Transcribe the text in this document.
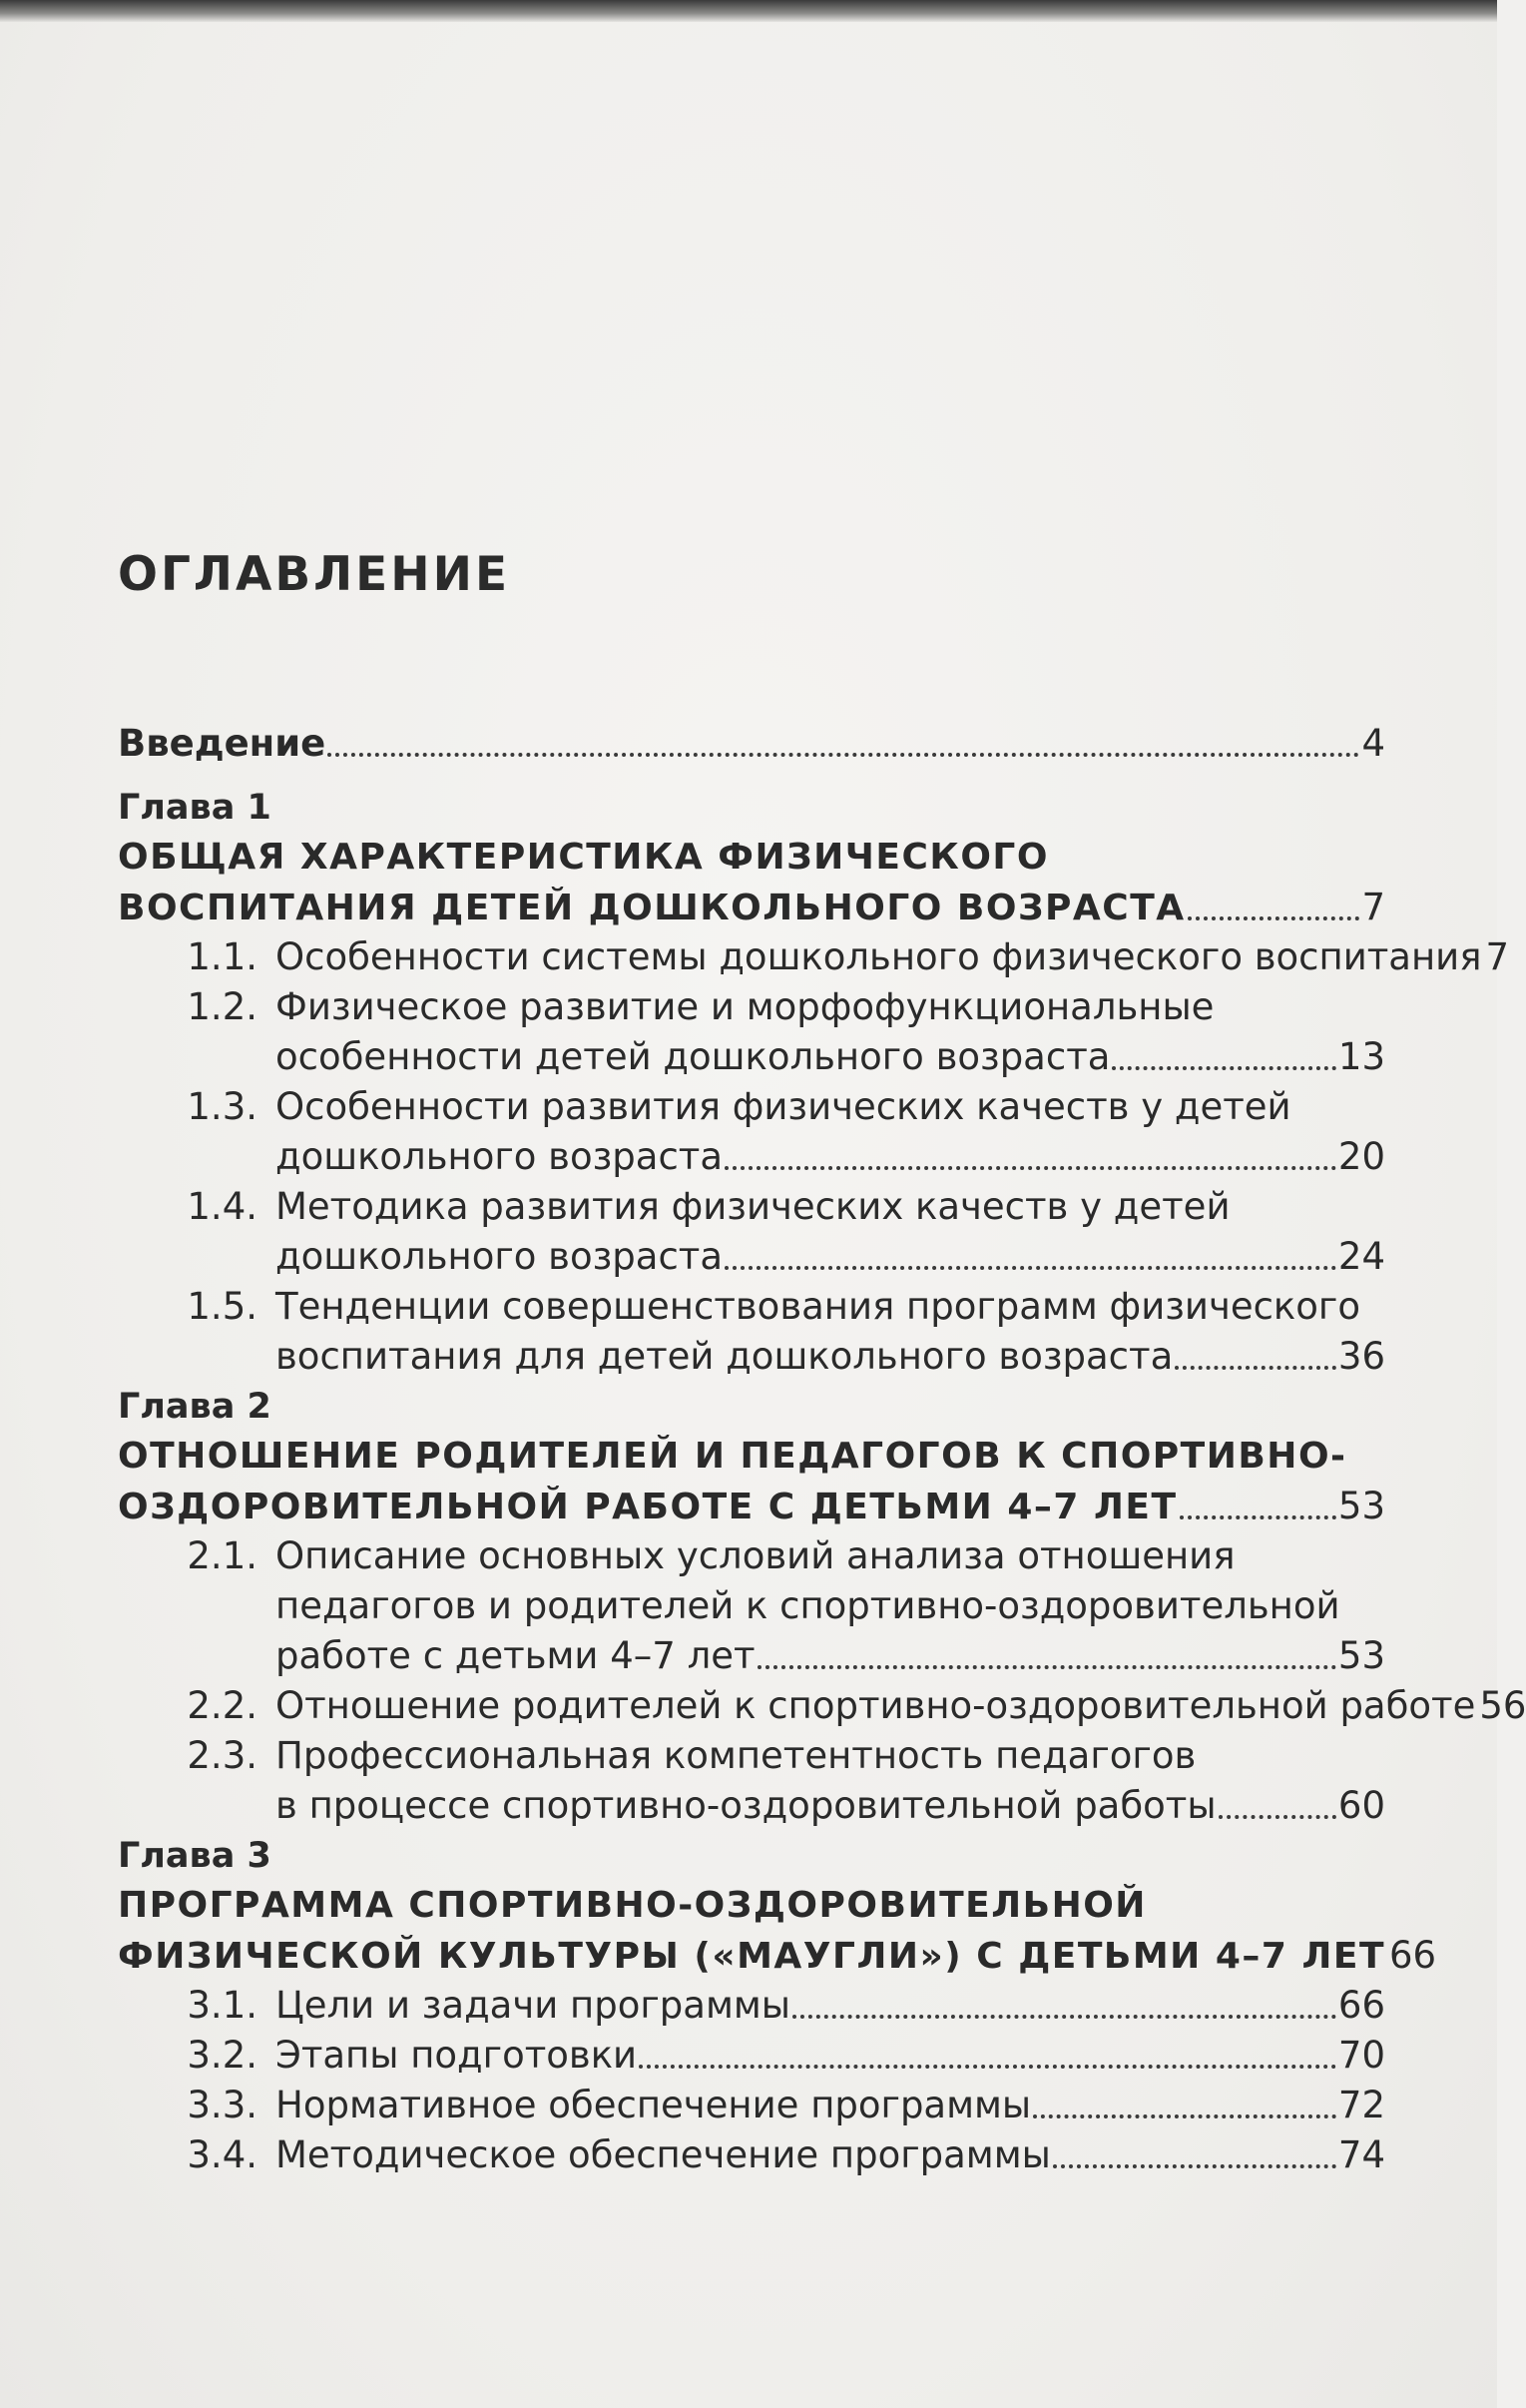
ОГЛАВЛЕНИЕ
Введение	4
Глава 1
ОБЩАЯ ХАРАКТЕРИСТИКА ФИЗИЧЕСКОГО
ВОСПИТАНИЯ ДЕТЕЙ ДОШКОЛЬНОГО ВОЗРАСТА	7
1.1. Особенности системы дошкольного физического воспитания 7
1.2. Физическое развитие и морфофункциональные
особенности детей дошкольного возраста	13
1.3. Особенности развития физических качеств у детей
дошкольного возраста	20
1.4. Методика развития физических качеств у детей
дошкольного возраста	24
1.5. Тенденции совершенствования программ физического
воспитания для детей дошкольного возраста	36
Глава 2
ОТНОШЕНИЕ РОДИТЕЛЕЙ И ПЕДАГОГОВ К СПОРТИВНО-
ОЗДОРОВИТЕЛЬНОЙ РАБОТЕ С ДЕТЬМИ 4–7 ЛЕТ	53
2.1. Описание основных условий анализа отношения
педагогов и родителей к спортивно-оздоровительной
работе с детьми 4–7 лет	53
2.2. Отношение родителей к спортивно-оздоровительной работе 56
2.3. Профессиональная компетентность педагогов
в процессе спортивно-оздоровительной работы	60
Глава 3
ПРОГРАММА СПОРТИВНО-ОЗДОРОВИТЕЛЬНОЙ
ФИЗИЧЕСКОЙ КУЛЬТУРЫ («МАУГЛИ») С ДЕТЬМИ 4–7 ЛЕТ 66
3.1. Цели и задачи программы	66
3.2. Этапы подготовки	70
3.3. Нормативное обеспечение программы	72
3.4. Методическое обеспечение программы	74
